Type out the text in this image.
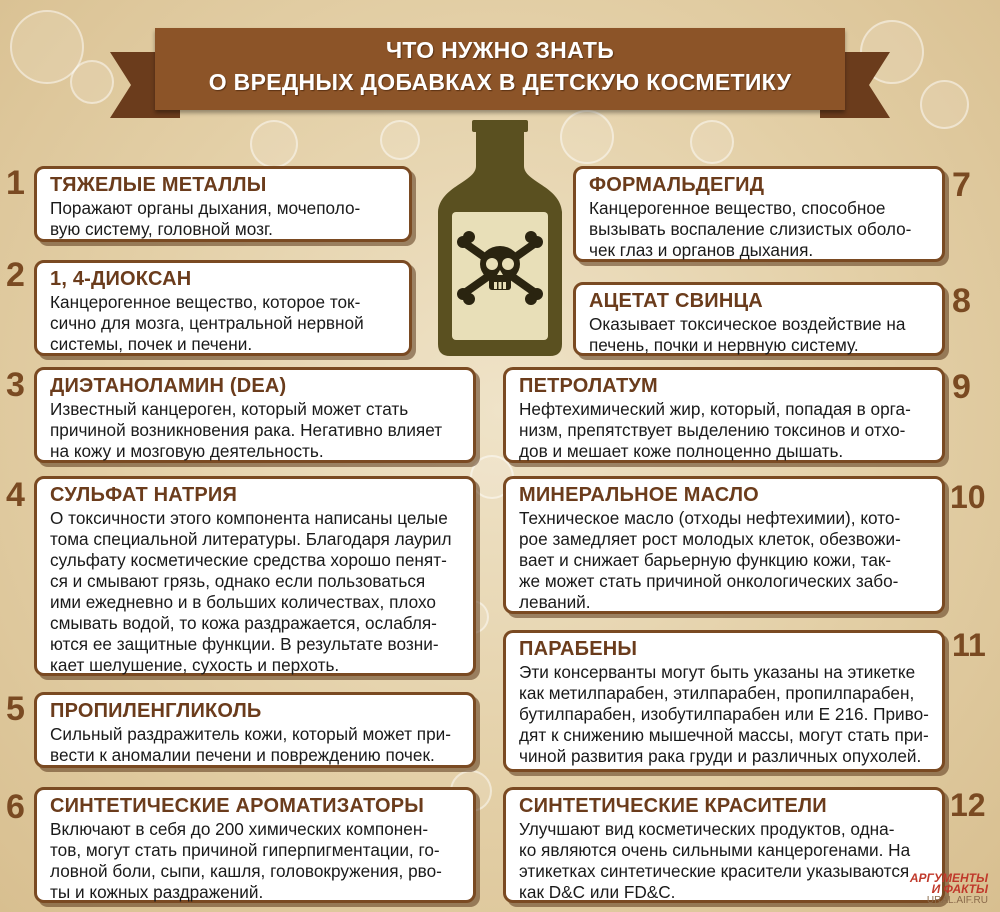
ЧТО НУЖНО ЗНАТЬ
О ВРЕДНЫХ ДОБАВКАХ В ДЕТСКУЮ КОСМЕТИКУ
1 ТЯЖЕЛЫЕ МЕТАЛЛЫ
Поражают органы дыхания, мочеполо-
вую систему, головной мозг.
2 1, 4-ДИОКСАН
Канцерогенное вещество, которое ток-
сично для мозга, центральной нервной
системы, почек и печени.
3 ДИЭТАНОЛАМИН (DEA)
Известный канцероген, который может стать
причиной возникновения рака. Негативно влияет
на кожу и мозговую деятельность.
4 СУЛЬФАТ НАТРИЯ
О токсичности этого компонента написаны целые
тома специальной литературы. Благодаря лаурил
сульфату косметические средства хорошо пенят-
ся и смывают грязь, однако если пользоваться
ими ежедневно и в больших количествах, плохо
смывать водой, то кожа раздражается, ослабля-
ются ее защитные функции. В результате возни-
кает шелушение, сухость и перхоть.
5 ПРОПИЛЕНГЛИКОЛЬ
Сильный раздражитель кожи, который может при-
вести к аномалии печени и повреждению почек.
6 СИНТЕТИЧЕСКИЕ АРОМАТИЗАТОРЫ
Включают в себя до 200 химических компонен-
тов, могут стать причиной гиперпигментации, го-
ловной боли, сыпи, кашля, головокружения, рво-
ты и кожных раздражений.
ФОРМАЛЬДЕГИД
Канцерогенное вещество, способное
вызывать воспаление слизистых оболо-
чек глаз и органов дыхания.
7
АЦЕТАТ СВИНЦА
Оказывает токсическое воздействие на
печень, почки и нервную систему.
8
ПЕТРОЛАТУМ
Нефтехимический жир, который, попадая в орга-
низм, препятствует выделению токсинов и отхо-
дов и мешает коже полноценно дышать.
9
МИНЕРАЛЬНОЕ МАСЛО
Техническое масло (отходы нефтехимии), кото-
рое замедляет рост молодых клеток, обезвожи-
вает и снижает барьерную функцию кожи, так-
же может стать причиной онкологических забо-
леваний.
10
ПАРАБЕНЫ
Эти консерванты могут быть указаны на этикетке
как метилпарабен, этилпарабен, пропилпарабен,
бутилпарабен, изобутилпарабен или Е 216. Приво-
дят к снижению мышечной массы, могут стать при-
чиной развития рака груди и различных опухолей.
11
СИНТЕТИЧЕСКИЕ КРАСИТЕЛИ
Улучшают вид косметических продуктов, одна-
ко являются очень сильными канцерогенами. На
этикетках синтетические красители указываются
как D&C или FD&C.
12
АРГУМЕНТЫ
И ФАКТЫ
URAL.AIF.RU
